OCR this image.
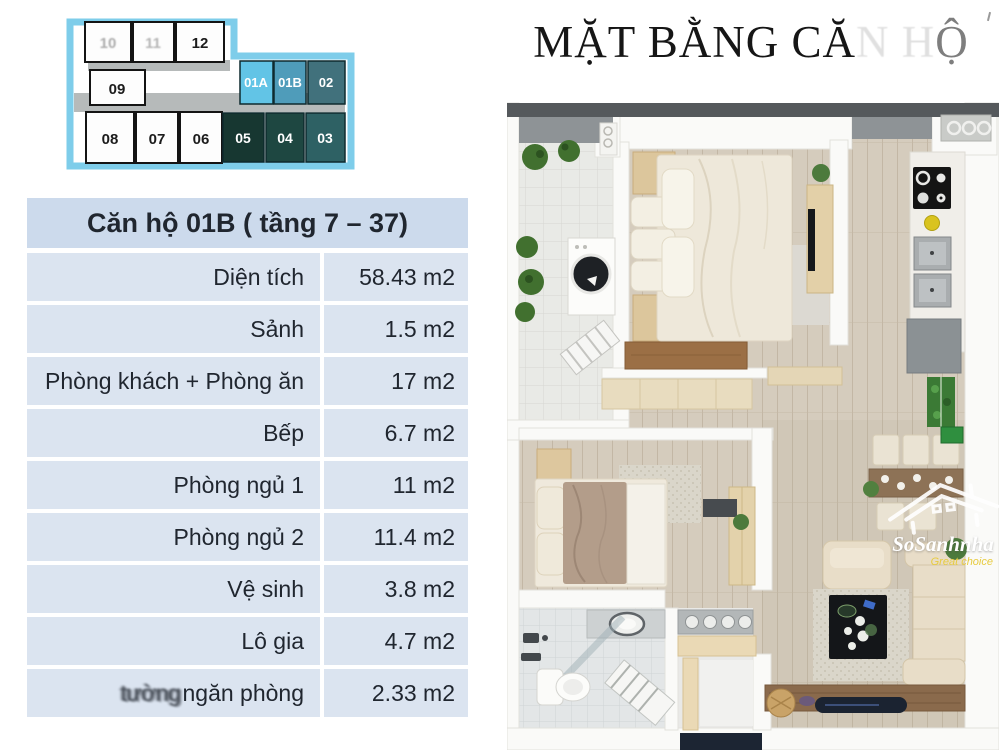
MẶT BẰNG CĂN HỘ
10 11 12
09
08 07 06
01A 01B 02
05 04 03
Căn hộ 01B ( tầng 7 – 37)
Diện tích	58.43 m2
Sảnh	1.5 m2
Phòng khách + Phòng ăn	17 m2
Bếp	6.7 m2
Phòng ngủ 1	11 m2
Phòng ngủ 2	11.4 m2
Vệ sinh	3.8 m2
Lô gia	4.7 m2
tường ngăn phòng	2.33 m2
SoSanhnha
Great choice
